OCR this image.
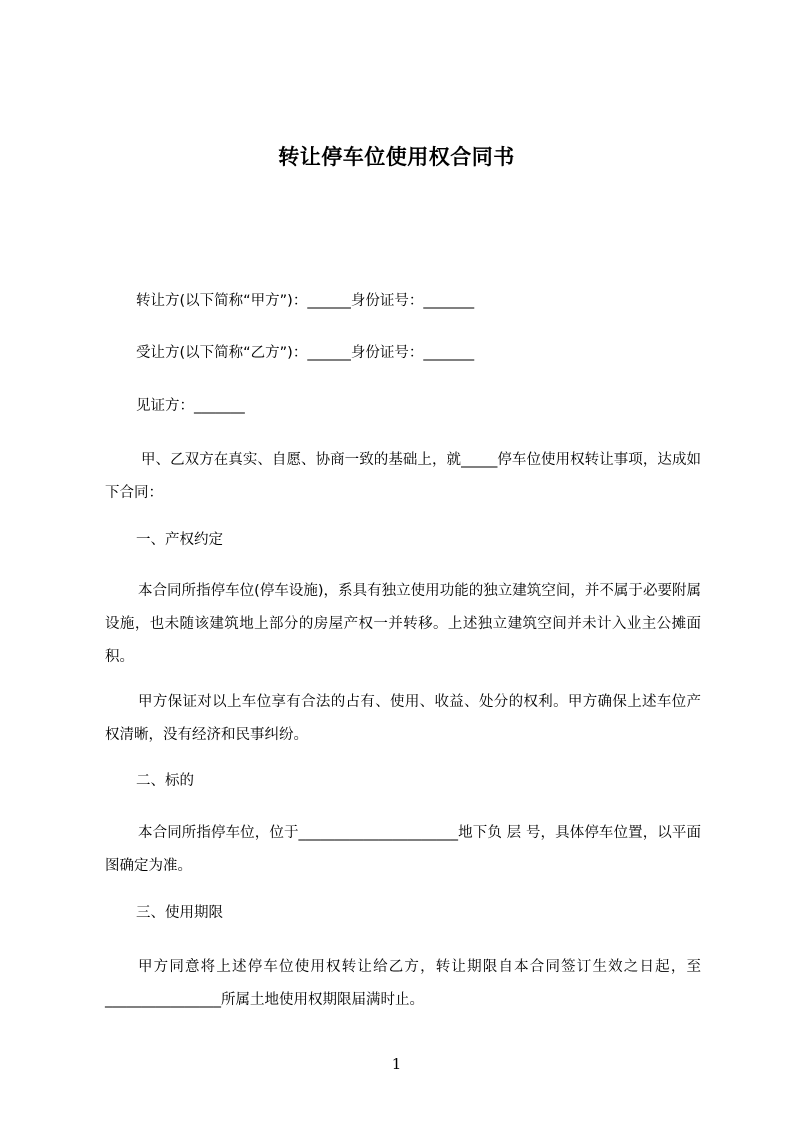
转让停车位使用权合同书
转让方(以下简称“甲方”)：______身份证号：_______
受让方(以下简称“乙方”)：______身份证号：_______
见证方：_______
甲、乙双方在真实、自愿、协商一致的基础上，就_____停车位使用权转让事项，达成如下合同：
一、产权约定
本合同所指停车位(停车设施)，系具有独立使用功能的独立建筑空间，并不属于必要附属设施，也未随该建筑地上部分的房屋产权一并转移。上述独立建筑空间并未计入业主公摊面积。
甲方保证对以上车位享有合法的占有、使用、收益、处分的权利。甲方确保上述车位产权清晰，没有经济和民事纠纷。
二、标的
本合同所指停车位，位于______________________地下负 层 号，具体停车位置，以平面图确定为准。
三、使用期限
甲方同意将上述停车位使用权转让给乙方，转让期限自本合同签订生效之日起，至________________所属土地使用权期限届满时止。
1
